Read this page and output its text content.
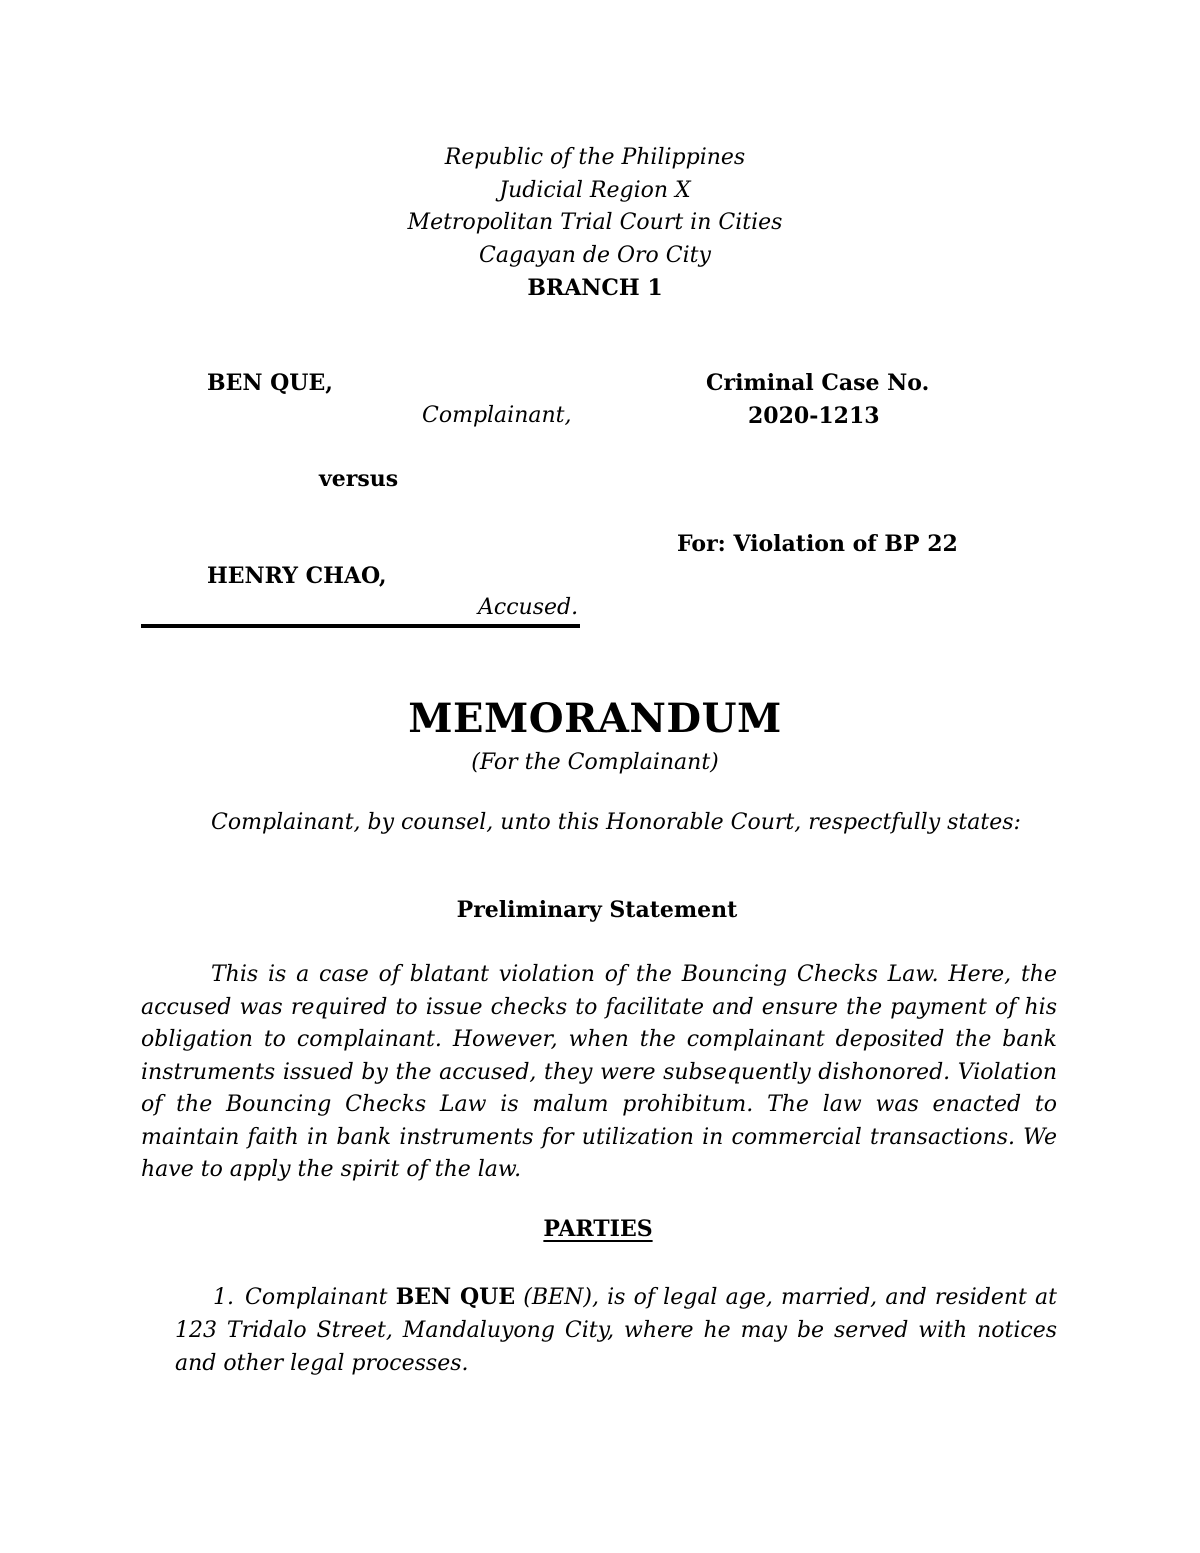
Republic of the Philippines
Judicial Region X
Metropolitan Trial Court in Cities
Cagayan de Oro City
BRANCH 1
BEN QUE,
Complainant,
Criminal Case No.
2020-1213
versus
For: Violation of BP 22
HENRY CHAO,
Accused.
MEMORANDUM
(For the Complainant)
Complainant, by counsel, unto this Honorable Court, respectfully states:
Preliminary Statement
This is a case of blatant violation of the Bouncing Checks Law. Here, the accused was required to issue checks to facilitate and ensure the payment of his obligation to complainant. However, when the complainant deposited the bank instruments issued by the accused, they were subsequently dishonored. Violation of the Bouncing Checks Law is malum prohibitum. The law was enacted to maintain faith in bank instruments for utilization in commercial transactions. We have to apply the spirit of the law.
PARTIES
1. Complainant BEN QUE (BEN), is of legal age, married, and resident at 123 Tridalo Street, Mandaluyong City, where he may be served with notices and other legal processes.
